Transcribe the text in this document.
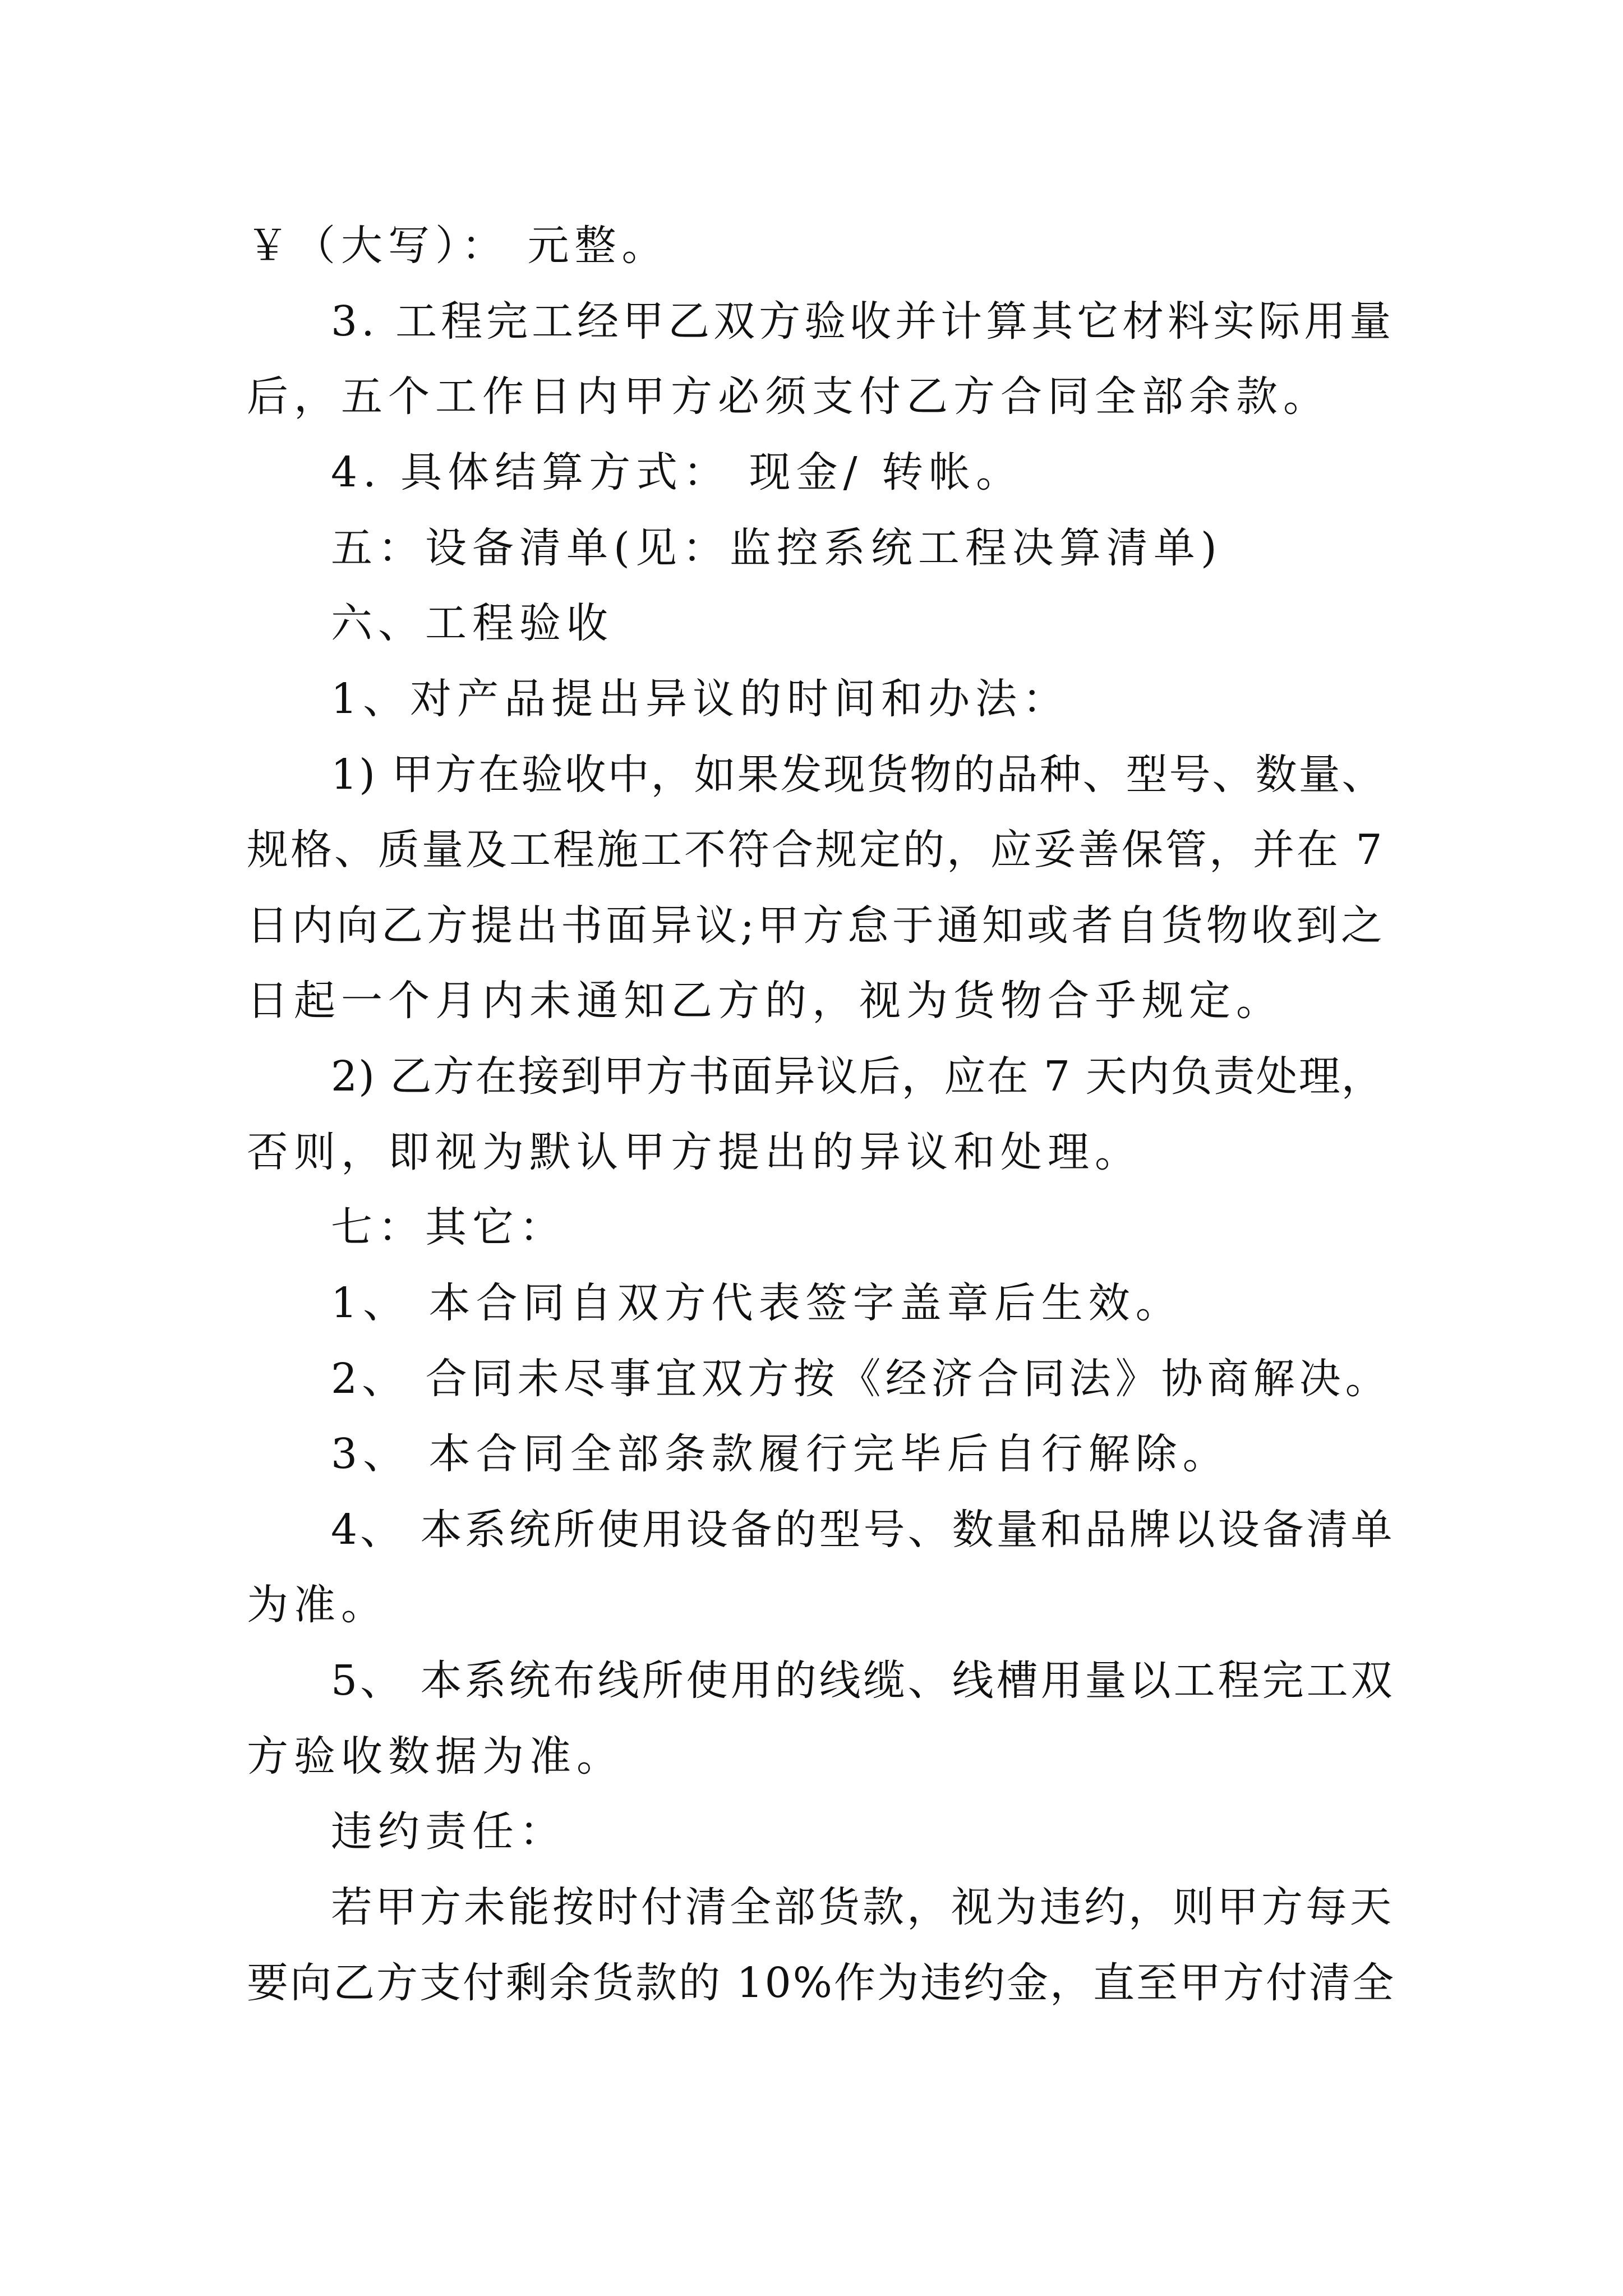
￥（大写）： 元整。

3. 工程完工经甲乙双方验收并计算其它材料实际用量

后，五个工作日内甲方必须支付乙方合同全部余款。

4. 具体结算方式： 现金/ 转帐。

五：设备清单(见：监控系统工程决算清单)

六、工程验收

1、对产品提出异议的时间和办法：

1) 甲方在验收中，如果发现货物的品种、型号、数量、

规格、质量及工程施工不符合规定的，应妥善保管，并在 7

日内向乙方提出书面异议;甲方怠于通知或者自货物收到之

日起一个月内未通知乙方的，视为货物合乎规定。

2) 乙方在接到甲方书面异议后，应在 7 天内负责处理，

否则，即视为默认甲方提出的异议和处理。

七：其它：

1、 本合同自双方代表签字盖章后生效。

2、 合同未尽事宜双方按《经济合同法》协商解决。

3、 本合同全部条款履行完毕后自行解除。

4、 本系统所使用设备的型号、数量和品牌以设备清单

为准。

5、 本系统布线所使用的线缆、线槽用量以工程完工双

方验收数据为准。

违约责任：

若甲方未能按时付清全部货款，视为违约，则甲方每天

要向乙方支付剩余货款的 10%作为违约金，直至甲方付清全
